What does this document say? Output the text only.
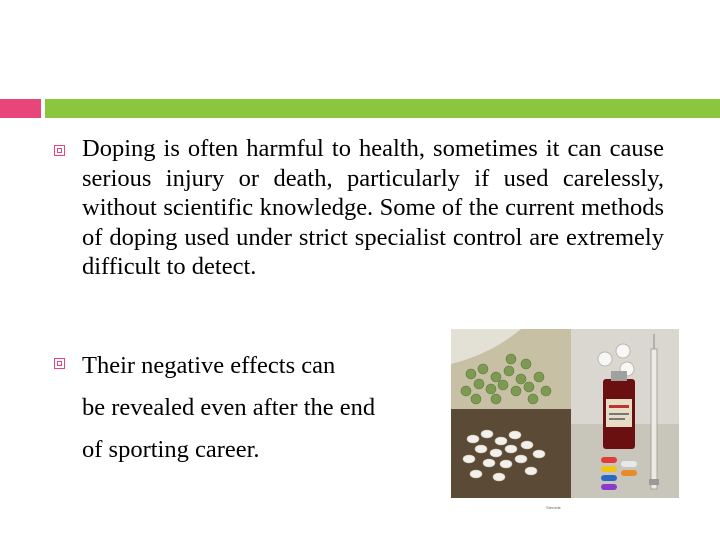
Doping is often harmful to health, sometimes it can cause serious injury or death, particularly if used carelessly, without scientific knowledge. Some of the current methods of doping used under strict specialist control are extremely difficult to detect.
Their negative effects can
be revealed even after the end
of sporting career.
Steroids
